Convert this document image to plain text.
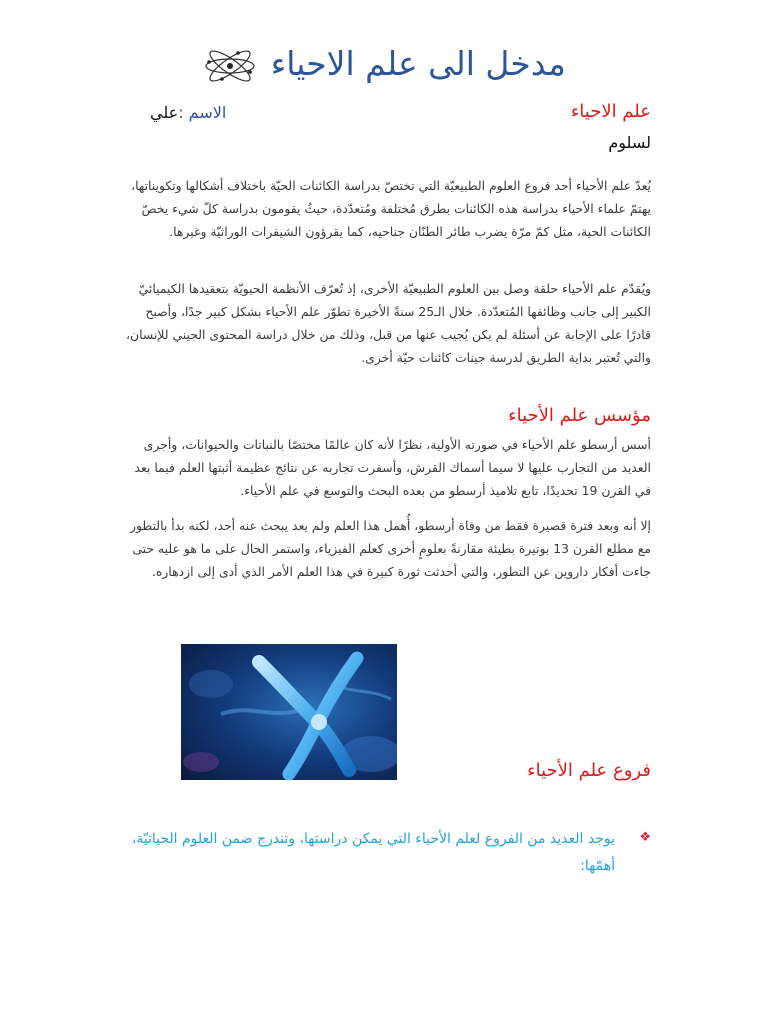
مدخل الى علم الاحياء
علم الاحياء
الاسم :علي
لسلوم

يُعدّ علم الأحياء أحد فروع العلوم الطبيعيّة التي تختصّ بدراسة الكائنات الحيّة باختلاف أشكالها وتكويناتها، يهتمّ علماء الأحياء بدراسة هذه الكائنات بطرق مُختلفة ومُتعدّدة، حيثُ يقومون بدراسة كلّ شيء يخصّ الكائنات الحية، مثل كمّ مرّة يضرب طائر الطنّان جناحيه، كما يقرؤون الشيفرات الوراثيّة وغيرها.

ويُقدّم علم الأحياء حلقة وصل بين العلوم الطبيعيّة الأخرى، إذ تُعرّف الأنظمة الحيويّة بتعقيدها الكيميائيّ الكبير إلى جانب وظائفها المُتعدّدة. خلال الـ25 سنةً الأخيرة تطوّر علم الأحياء بشكل كبير جدًا، وأصبح قادرًا على الإجابة عن أسئلة لم يكن يُجيب عنها من قبل، وذلك من خلال دراسة المحتوى الجيني للإنسان، والتي تُعتبر بداية الطريق لدرسة جينات كائنات حيّة أخرى.

مؤسس علم الأحياء

أسس أرسطو علم الأحياء في صورته الأولية، نظرًا لأنه كان عالمًا مختصًا بالنباتات والحيوانات، وأجرى العديد من التجارب عليها لا سيما أسماك القرش، وأسفرت تجاربه عن نتائج عظيمة أثبتها العلم فيما بعد في القرن 19 تحديدًا، تابع تلاميذ أرسطو من بعده البحث والتوسع في علم الأحياء.

إلا أنه وبعد فترة قصيرة فقط من وفاة أرسطو، أُهمل هذا العلم ولم يعد يبحث عنه أحد، لكنه بدأ بالتطور مع مطلع القرن 13 بوتيرة بطيئة مقارنةً بعلومٍ أخرى كعلم الفيزياء، واستمر الحال على ما هو عليه حتى جاءت أفكار داروين عن التطور، والتي أحدثت ثورة كبيرة في هذا العلم الأمر الذي أدى إلى ازدهاره.

فروع علم الأحياء
❖
يوجد العديد من الفروع لعلم الأحياء التي يمكن دراستها، وتندرج ضمن العلوم الحياتيّة، أهمّها:
